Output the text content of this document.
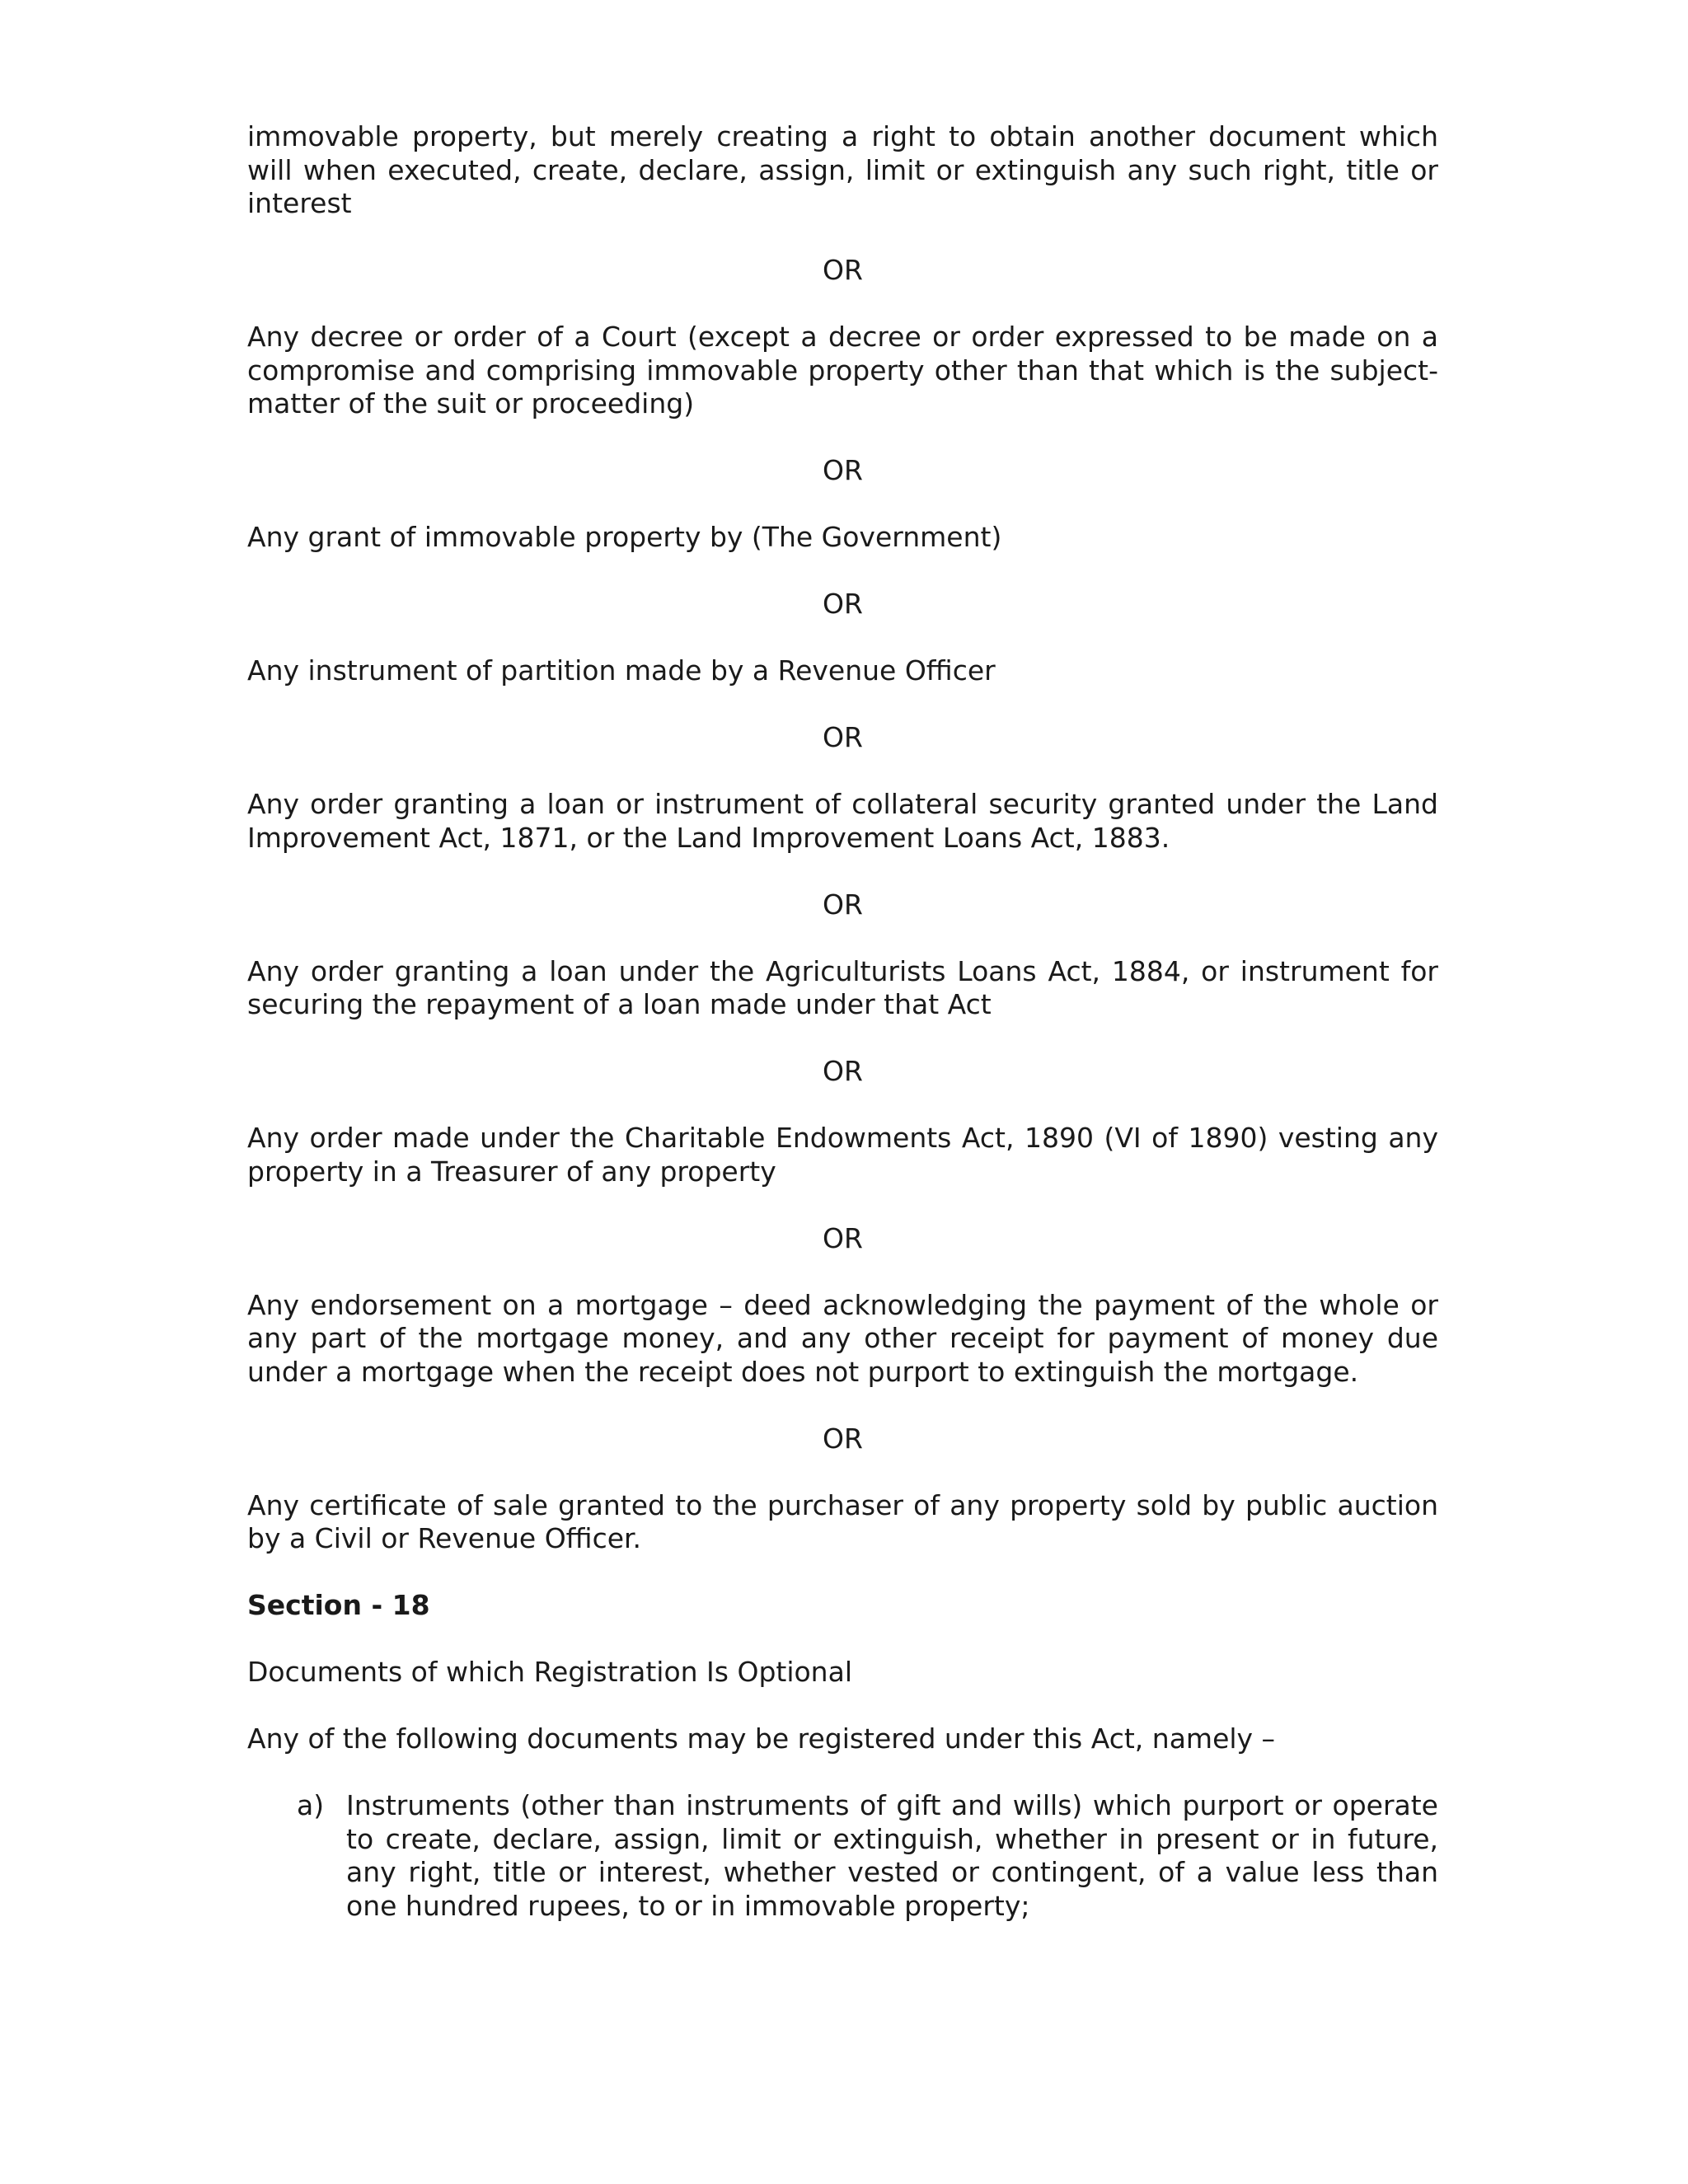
immovable property, but merely creating a right to obtain another document which will when executed, create, declare, assign, limit or extinguish any such right, title or interest

OR

Any decree or order of a Court (except a decree or order expressed to be made on a compromise and comprising immovable property other than that which is the subject-matter of the suit or proceeding)

OR

Any grant of immovable property by (The Government)

OR

Any instrument of partition made by a Revenue Officer

OR

Any order granting a loan or instrument of collateral security granted under the Land Improvement Act, 1871, or the Land Improvement Loans Act, 1883.

OR

Any order granting a loan under the Agriculturists Loans Act, 1884, or instrument for securing the repayment of a loan made under that Act

OR

Any order made under the Charitable Endowments Act, 1890 (VI of 1890) vesting any property in a Treasurer of any property

OR

Any endorsement on a mortgage – deed acknowledging the payment of the whole or any part of the mortgage money, and any other receipt for payment of money due under a mortgage when the receipt does not purport to extinguish the mortgage.

OR

Any certificate of sale granted to the purchaser of any property sold by public auction by a Civil or Revenue Officer.

Section - 18

Documents of which Registration Is Optional

Any of the following documents may be registered under this Act, namely –

a) Instruments (other than instruments of gift and wills) which purport or operate to create, declare, assign, limit or extinguish, whether in present or in future, any right, title or interest, whether vested or contingent, of a value less than one hundred rupees, to or in immovable property;
